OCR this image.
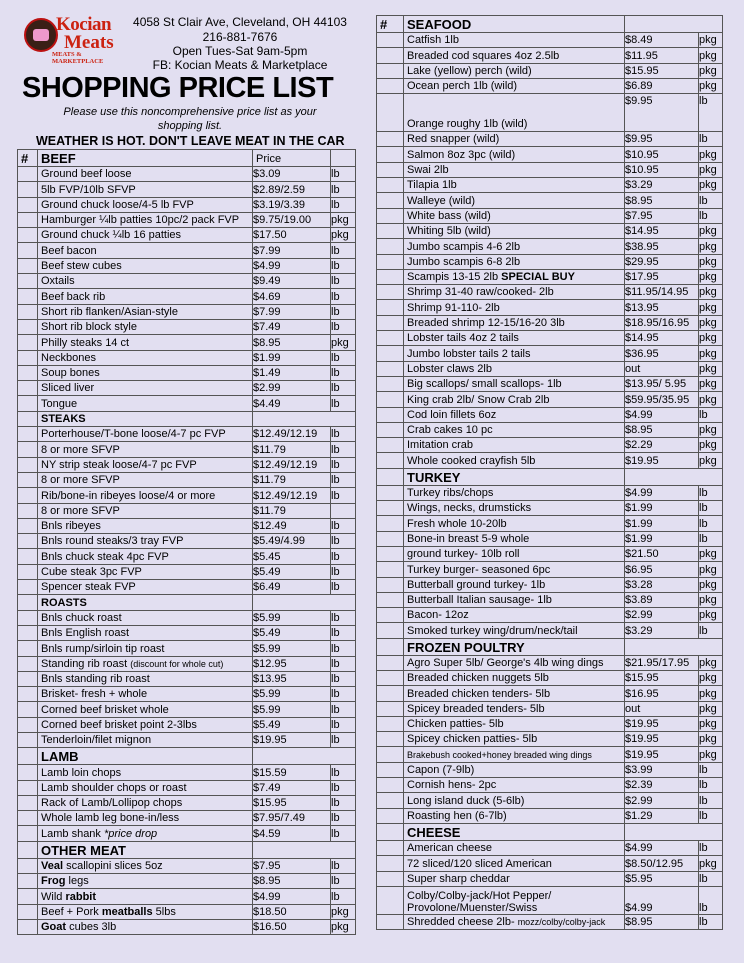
Kocian
Meats
MEATS & MARKETPLACE
4058 St Clair Ave, Cleveland, OH 44103
216-881-7676
Open Tues-Sat 9am-5pm
FB: Kocian Meats & Marketplace
SHOPPING PRICE LIST
Please use this noncomprehensive price list as your shopping list.
WEATHER IS HOT. DON'T LEAVE MEAT IN THE CAR
#	BEEF	Price	
	Ground beef loose	$3.09	lb
	5lb FVP/10lb SFVP	$2.89/2.59	lb
	Ground chuck loose/4-5 lb FVP	$3.19/3.39	lb
	Hamburger ¼lb patties 10pc/2 pack FVP	$9.75/19.00	pkg
	Ground chuck ¼lb 16 patties	$17.50	pkg
	Beef bacon	$7.99	lb
	Beef stew cubes	$4.99	lb
	Oxtails	$9.49	lb
	Beef back rib	$4.69	lb
	Short rib flanken/Asian-style	$7.99	lb
	Short rib block style	$7.49	lb
	Philly steaks 14 ct	$8.95	pkg
	Neckbones	$1.99	lb
	Soup bones	$1.49	lb
	Sliced liver	$2.99	lb
	Tongue	$4.49	lb
	STEAKS		
	Porterhouse/T-bone loose/4-7 pc FVP	$12.49/12.19	lb
	8 or more SFVP	$11.79	lb
	NY strip steak loose/4-7 pc FVP	$12.49/12.19	lb
	8 or more SFVP	$11.79	lb
	Rib/bone-in ribeyes loose/4 or more	$12.49/12.19	lb
	8 or more SFVP	$11.79	
	Bnls ribeyes	$12.49	lb
	Bnls round steaks/3 tray FVP	$5.49/4.99	lb
	Bnls chuck steak 4pc FVP	$5.45	lb
	Cube steak 3pc FVP	$5.49	lb
	Spencer steak FVP	$6.49	lb
	ROASTS		
	Bnls chuck roast	$5.99	lb
	Bnls English roast	$5.49	lb
	Bnls rump/sirloin tip roast	$5.99	lb
	Standing rib roast (discount for whole cut)	$12.95	lb
	Bnls standing rib roast	$13.95	lb
	Brisket- fresh + whole	$5.99	lb
	Corned beef brisket whole	$5.99	lb
	Corned beef brisket point 2-3lbs	$5.49	lb
	Tenderloin/filet mignon	$19.95	lb
	LAMB		
	Lamb loin chops	$15.59	lb
	Lamb shoulder chops or roast	$7.49	lb
	Rack of Lamb/Lollipop chops	$15.95	lb
	Whole lamb leg bone-in/less	$7.95/7.49	lb
	Lamb shank *price drop	$4.59	lb
	OTHER MEAT		
	Veal scallopini slices 5oz	$7.95	lb
	Frog legs	$8.95	lb
	Wild rabbit	$4.99	lb
	Beef + Pork meatballs 5lbs	$18.50	pkg
	Goat cubes 3lb	$16.50	pkg
#	SEAFOOD		
	Catfish 1lb	$8.49	pkg
	Breaded cod squares 4oz 2.5lb	$11.95	pkg
	Lake (yellow) perch (wild)	$15.95	pkg
	Ocean perch 1lb (wild)	$6.89	pkg
	Orange roughy 1lb (wild)	$9.95	lb
	Red snapper (wild)	$9.95	lb
	Salmon 8oz 3pc (wild)	$10.95	pkg
	Swai 2lb	$10.95	pkg
	Tilapia 1lb	$3.29	pkg
	Walleye (wild)	$8.95	lb
	White bass (wild)	$7.95	lb
	Whiting 5lb (wild)	$14.95	pkg
	Jumbo scampis 4-6 2lb	$38.95	pkg
	Jumbo scampis 6-8 2lb	$29.95	pkg
	Scampis 13-15 2lb SPECIAL BUY	$17.95	pkg
	Shrimp 31-40 raw/cooked- 2lb	$11.95/14.95	pkg
	Shrimp 91-110- 2lb	$13.95	pkg
	Breaded shrimp 12-15/16-20 3lb	$18.95/16.95	pkg
	Lobster tails 4oz 2 tails	$14.95	pkg
	Jumbo lobster tails 2 tails	$36.95	pkg
	Lobster claws 2lb	out	pkg
	Big scallops/ small scallops- 1lb	$13.95/ 5.95	pkg
	King crab 2lb/ Snow Crab 2lb	$59.95/35.95	pkg
	Cod loin fillets 6oz	$4.99	lb
	Crab cakes 10 pc	$8.95	pkg
	Imitation crab	$2.29	pkg
	Whole cooked crayfish 5lb	$19.95	pkg
	TURKEY		
	Turkey ribs/chops	$4.99	lb
	Wings, necks, drumsticks	$1.99	lb
	Fresh whole 10-20lb	$1.99	lb
	Bone-in breast 5-9 whole	$1.99	lb
	ground turkey- 10lb roll	$21.50	pkg
	Turkey burger- seasoned 6pc	$6.95	pkg
	Butterball ground turkey- 1lb	$3.28	pkg
	Butterball Italian sausage- 1lb	$3.89	pkg
	Bacon- 12oz	$2.99	pkg
	Smoked turkey wing/drum/neck/tail	$3.29	lb
	FROZEN POULTRY		
	Agro Super 5lb/ George's 4lb wing dings	$21.95/17.95	pkg
	Breaded chicken nuggets 5lb	$15.95	pkg
	Breaded chicken tenders- 5lb	$16.95	pkg
	Spicey breaded tenders- 5lb	out	pkg
	Chicken patties- 5lb	$19.95	pkg
	Spicey chicken patties- 5lb	$19.95	pkg
	Brakebush cooked+honey breaded wing dings	$19.95	pkg
	Capon (7-9lb)	$3.99	lb
	Cornish hens- 2pc	$2.39	lb
	Long island duck (5-6lb)	$2.99	lb
	Roasting hen (6-7lb)	$1.29	lb
	CHEESE		
	American cheese	$4.99	lb
	72 sliced/120 sliced American	$8.50/12.95	pkg
	Super sharp cheddar	$5.95	lb

	Colby/Colby-jack/Hot Pepper/
Provolone/Muenster/Swiss	$4.99	lb
	Shredded cheese 2lb- mozz/colby/colby-jack	$8.95	lb
